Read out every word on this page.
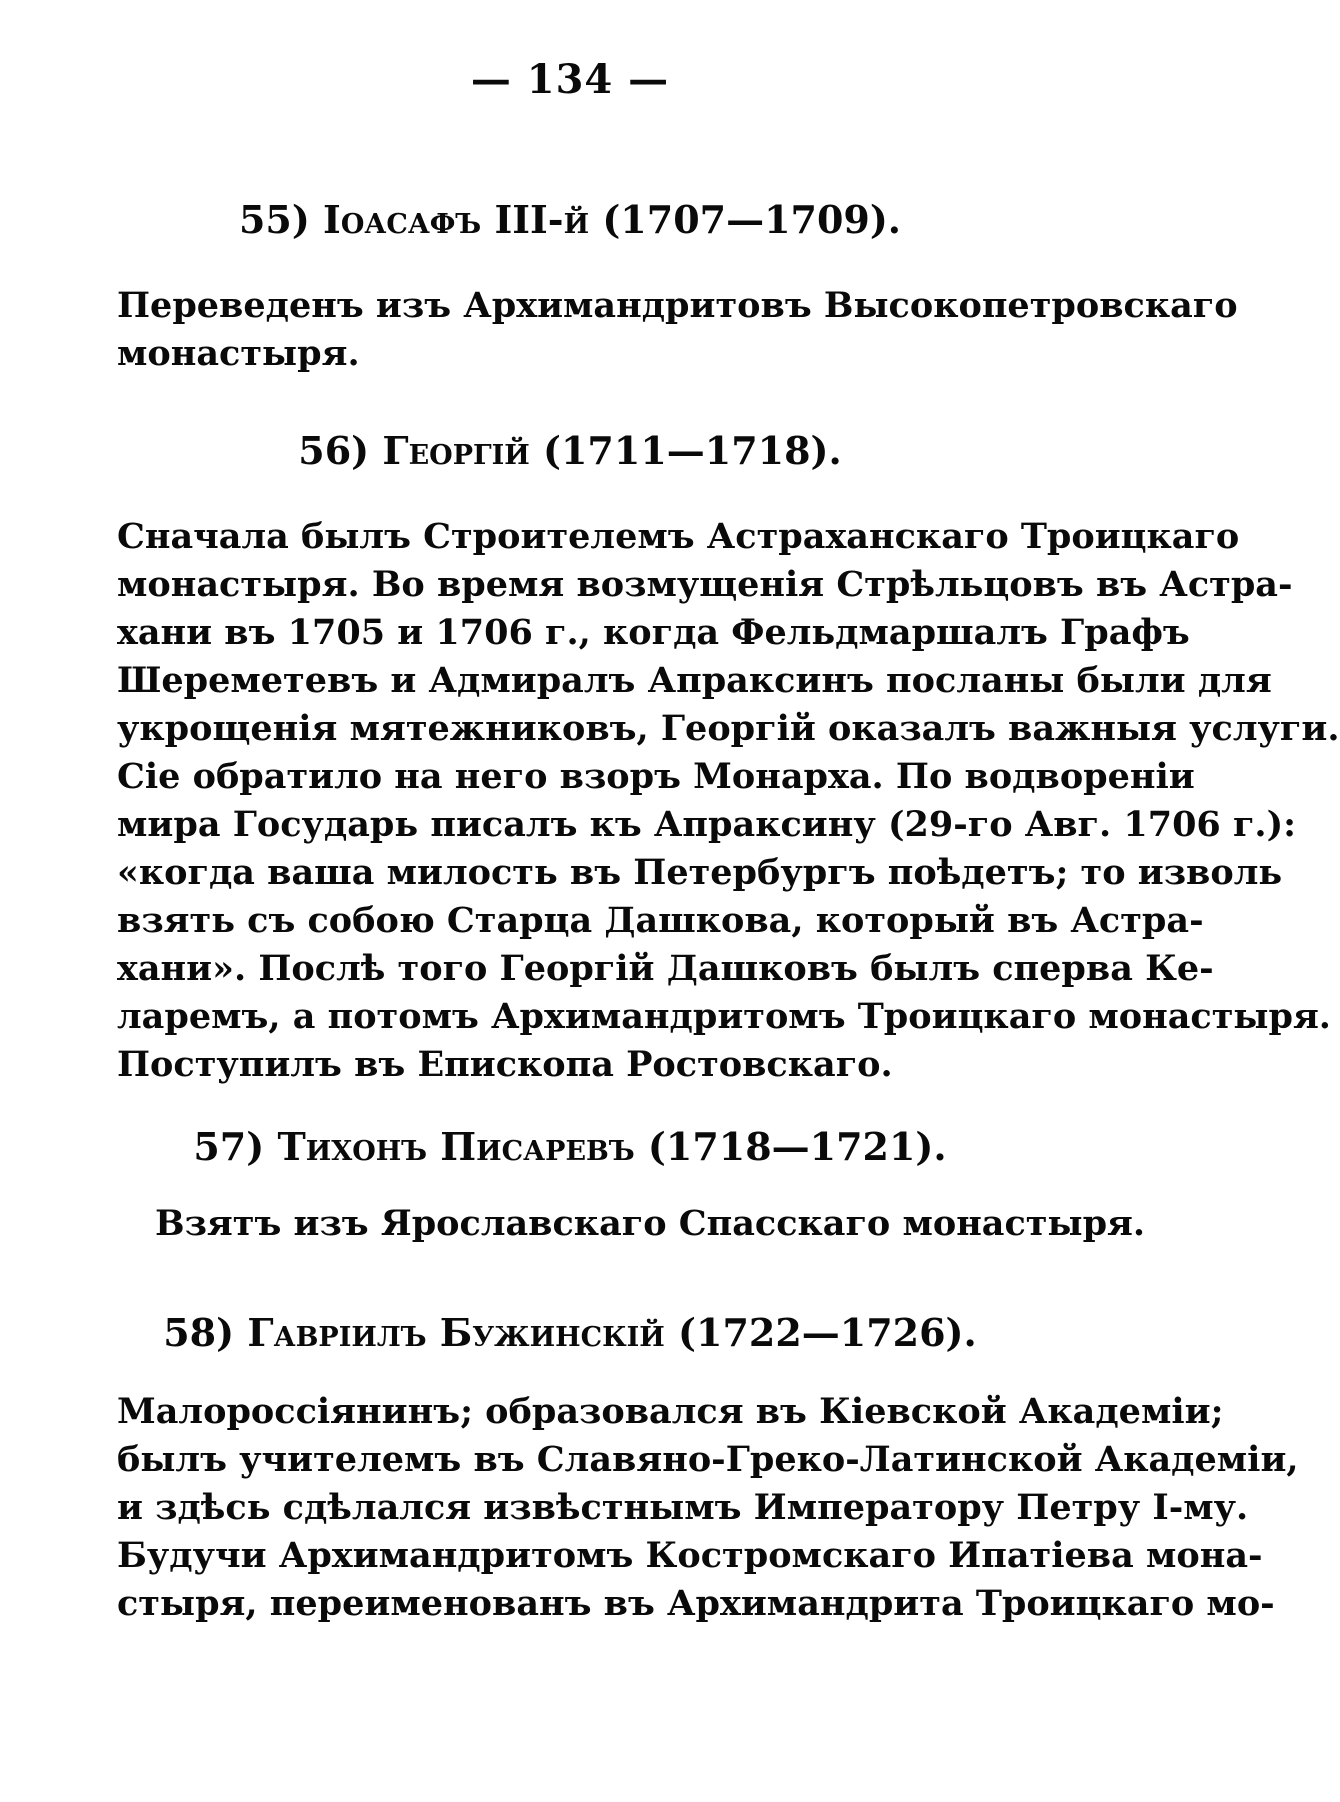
— 134 —
55) Іоасафъ ІІІ-й (1707—1709).
Переведенъ изъ Архимандритовъ Высокопетровскаго
монастыря.
56) Георгій (1711—1718).
Сначала былъ Строителемъ Астраханскаго Троицкаго
монастыря. Во время возмущенія Стрѣльцовъ въ Астра-
хани въ 1705 и 1706 г., когда Фельдмаршалъ Графъ
Шереметевъ и Адмиралъ Апраксинъ посланы были для
укрощенія мятежниковъ, Георгій оказалъ важныя услуги.
Сіе обратило на него взоръ Монарха. По водвореніи
мира Государь писалъ къ Апраксину (29-го Авг. 1706 г.):
«когда ваша милость въ Петербургъ поѣдетъ; то изволь
взять съ собою Старца Дашкова, который въ Астра-
хани». Послѣ того Георгій Дашковъ былъ сперва Ке-
ларемъ, а потомъ Архимандритомъ Троицкаго монастыря.
Поступилъ въ Епископа Ростовскаго.
57) Тихонъ Писаревъ (1718—1721).
Взятъ изъ Ярославскаго Спасскаго монастыря.
58) Гавріилъ Бужинскій (1722—1726).
Малороссіянинъ; образовался въ Кіевской Академіи;
былъ учителемъ въ Славяно-Греко-Латинской Академіи,
и здѣсь сдѣлался извѣстнымъ Императору Петру І-му.
Будучи Архимандритомъ Костромскаго Ипатіева мона-
стыря, переименованъ въ Архимандрита Троицкаго мо-
